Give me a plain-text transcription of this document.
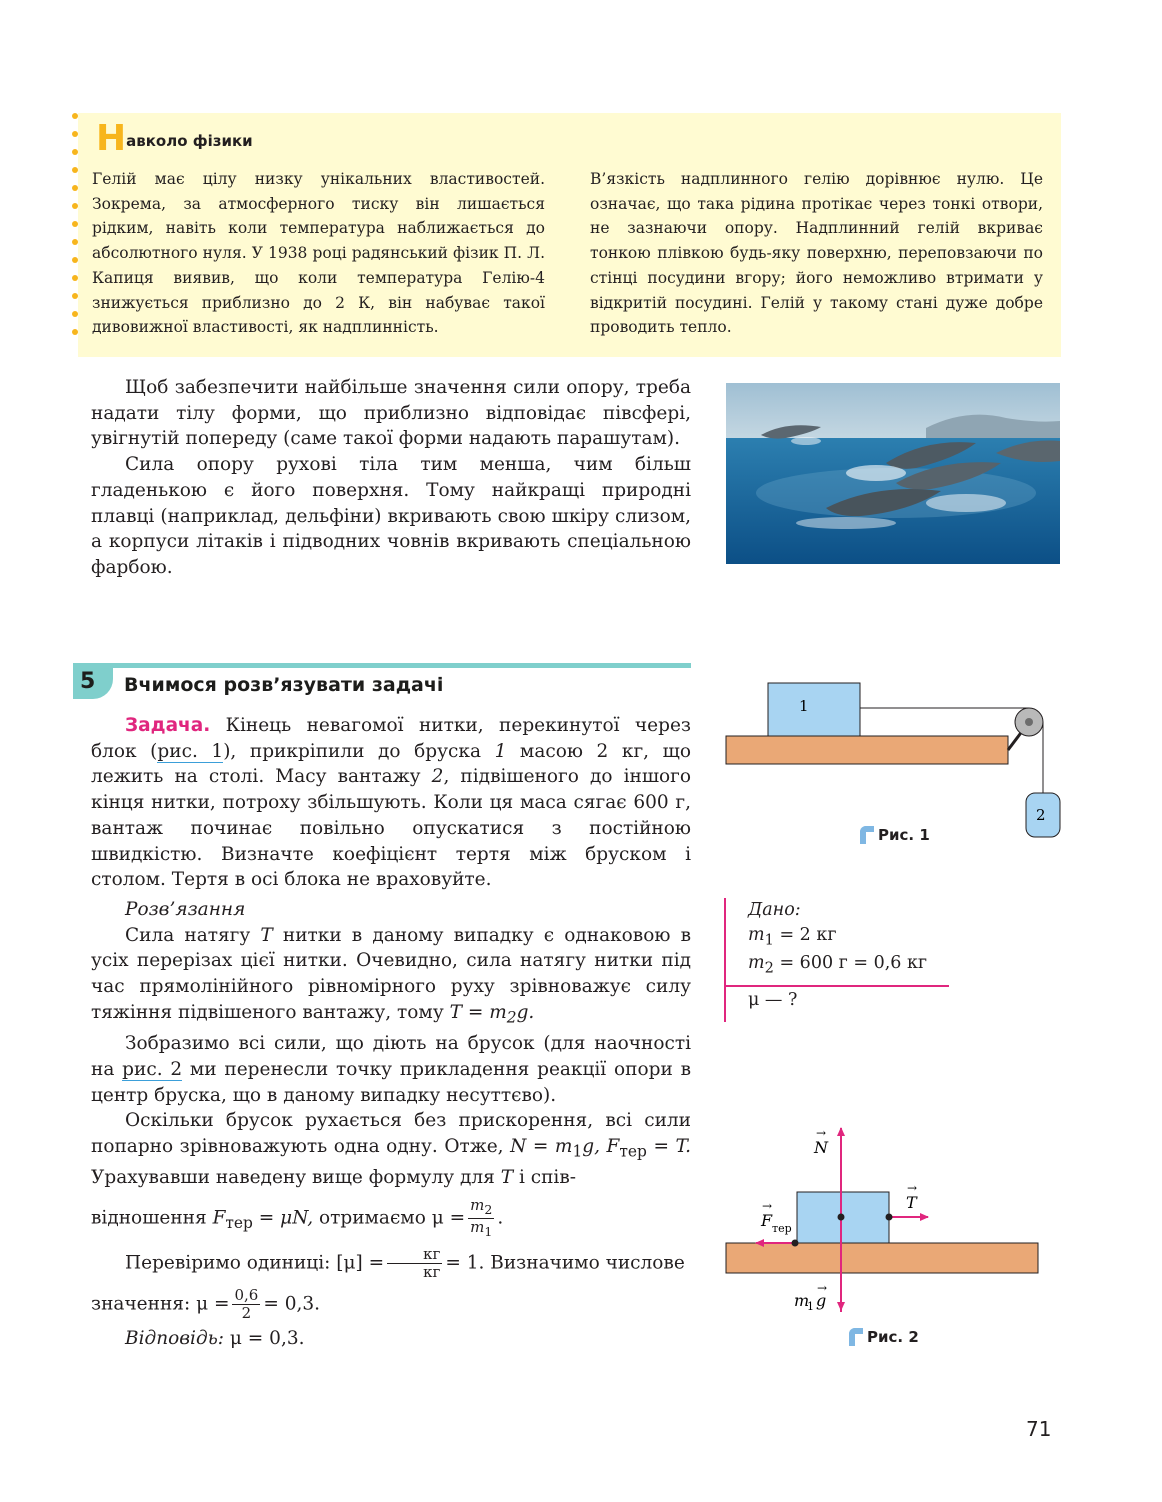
Навколо фізики
Гелій має цілу низку унікальних властивостей. Зокрема, за атмосферного тиску він лишається рідким, навіть коли температура наближається до абсолютного нуля. У 1938 році радянський фізик П. Л. Капиця виявив, що коли температура Гелію-4 знижується приблизно до 2 К, він набуває такої дивовижної властивості, як надплинність.
В’язкість надплинного гелію дорівнює нулю. Це означає, що така рідина протікає через тонкі отвори, не зазнаючи опору. Надплинний гелій вкриває тонкою плівкою будь-яку поверхню, переповзаючи по стінці посудини вгору; його неможливо втримати у відкритій посудині. Гелій у такому стані дуже добре проводить тепло.

Щоб забезпечити найбільше значення сили опору, треба надати тілу форми, що приблизно відповідає півсфері, увігнутій попереду (саме такої форми надають парашутам).

Сила опору рухові тіла тим менша, чим більш гладенькою є його поверхня. Тому найкращі природні плавці (наприклад, дельфіни) вкривають свою шкіру слизом, а корпуси літаків і підводних човнів вкривають спеціальною фарбою.

5 Вчимося розв’язувати задачі

Задача. Кінець невагомої нитки, перекинутої через блок (рис. 1), прикріпили до бруска 1 масою 2 кг, що лежить на столі. Масу вантажу 2, підвішеного до іншого кінця нитки, потроху збільшують. Коли ця маса сягає 600 г, вантаж починає повільно опускатися з постійною швидкістю. Визначте коефіцієнт тертя між бруском і столом. Тертя в осі блока не враховуйте.

Розв’язання

Сила натягу T нитки в даному випадку є однаковою в усіх перерізах цієї нитки. Очевидно, сила натягу нитки під час прямолінійного рівномірного руху зрівноважує силу тяжіння підвішеного вантажу, тому $T = m_2g$.

Зобразимо всі сили, що діють на брусок (для наочності на рис. 2 ми перенесли точку прикладення реакції опори в центр бруска, що в даному випадку несуттєво).

Оскільки брусок рухається без прискорення, всі сили попарно зрівноважують одна одну. Отже, $N = m_1g$, $F_{тер} = T$. Урахувавши наведену вище формулу для T і спів-

відношення $F_{тер} = \mu N$, отримаємо $\mu = \frac{m_2}{m_1}$ .

Перевіримо одиниці: $[\mu] = \frac{кг}{кг} = 1$. Визначимо числове

значення: $\mu = \frac{0,6}{2} = 0,3$.

Відповідь: μ = 0,3.

1
2
Рис. 1
Дано:
$m_1 = 2$ кг
$m_2 = 600$ г = 0,6 кг
μ — ?
N
→
T
→
F
→
тер
m
1 g
→
Рис. 2
71
